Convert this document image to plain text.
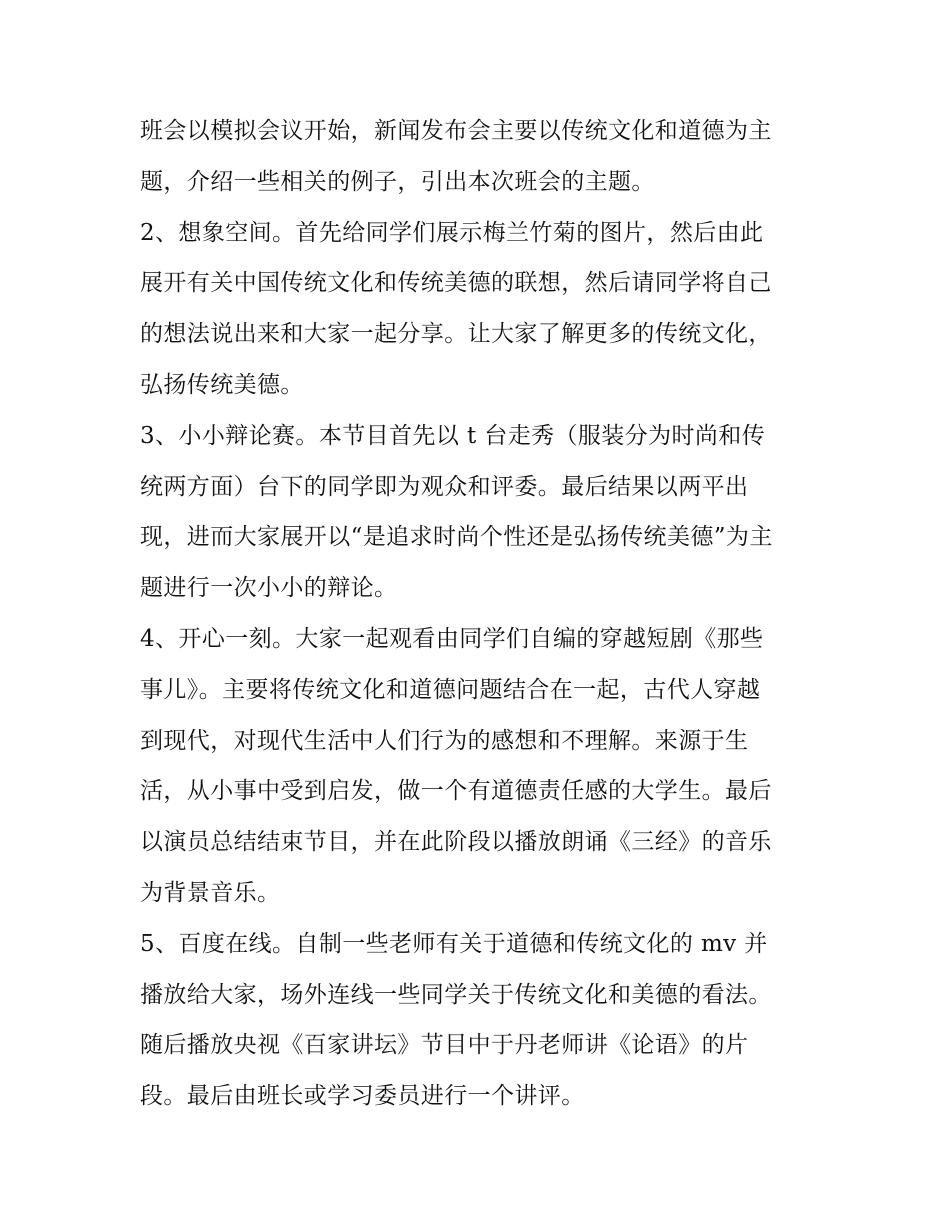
班会以模拟会议开始，新闻发布会主要以传统文化和道德为主
题，介绍一些相关的例子，引出本次班会的主题。

2、想象空间。首先给同学们展示梅兰竹菊的图片，然后由此
展开有关中国传统文化和传统美德的联想，然后请同学将自己
的想法说出来和大家一起分享。让大家了解更多的传统文化，
弘扬传统美德。

3、小小辩论赛。本节目首先以 t 台走秀（服装分为时尚和传
统两方面）台下的同学即为观众和评委。最后结果以两平出
现，进而大家展开以“是追求时尚个性还是弘扬传统美德”为主
题进行一次小小的辩论。

4、开心一刻。大家一起观看由同学们自编的穿越短剧《那些
事儿》。主要将传统文化和道德问题结合在一起，古代人穿越
到现代，对现代生活中人们行为的感想和不理解。来源于生
活，从小事中受到启发，做一个有道德责任感的大学生。最后
以演员总结结束节目，并在此阶段以播放朗诵《三经》的音乐
为背景音乐。

5、百度在线。自制一些老师有关于道德和传统文化的 mv 并
播放给大家，场外连线一些同学关于传统文化和美德的看法。
随后播放央视《百家讲坛》节目中于丹老师讲《论语》的片
段。最后由班长或学习委员进行一个讲评。
